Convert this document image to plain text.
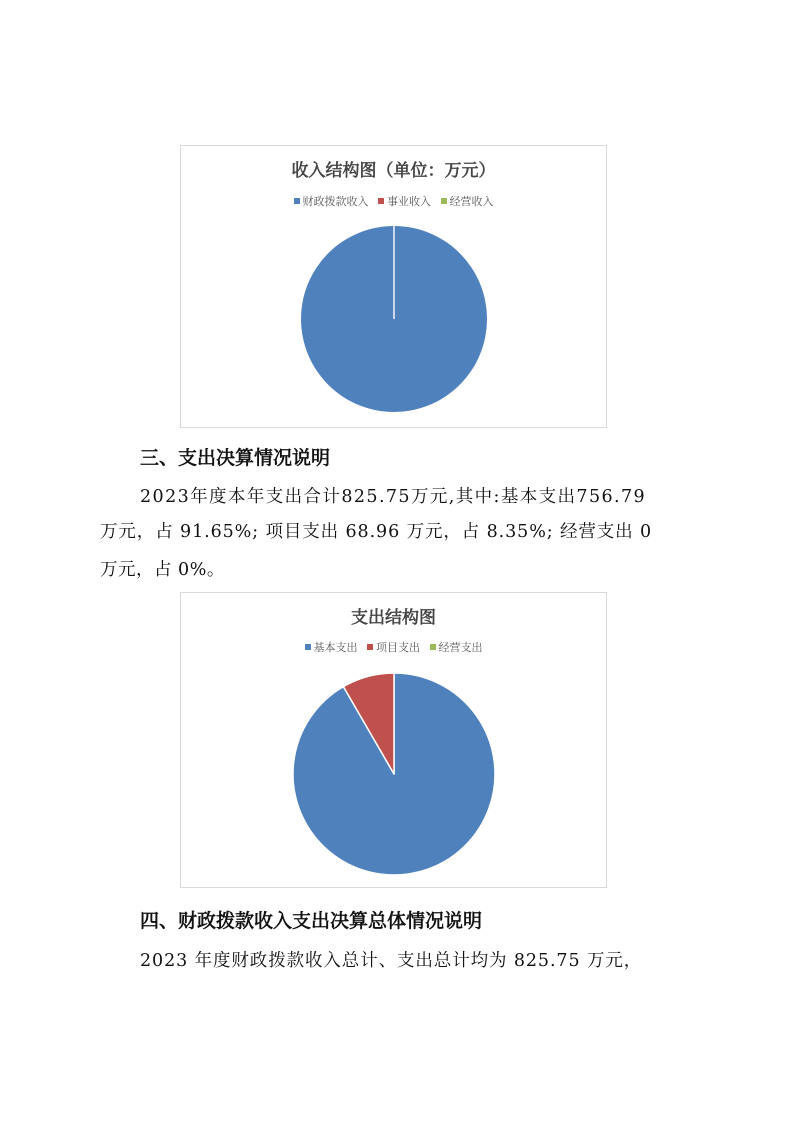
收入结构图（单位：万元）
财政拨款收入 事业收入 经营收入
三、支出决算情况说明
2023年度本年支出合计825.75万元,其中:基本支出756.79
万元，占 91.65%; 项目支出 68.96 万元，占 8.35%; 经营支出 0
万元，占 0%。
支出结构图
基本支出 项目支出 经营支出
四、财政拨款收入支出决算总体情况说明
2023 年度财政拨款收入总计、支出总计均为 825.75 万元，
